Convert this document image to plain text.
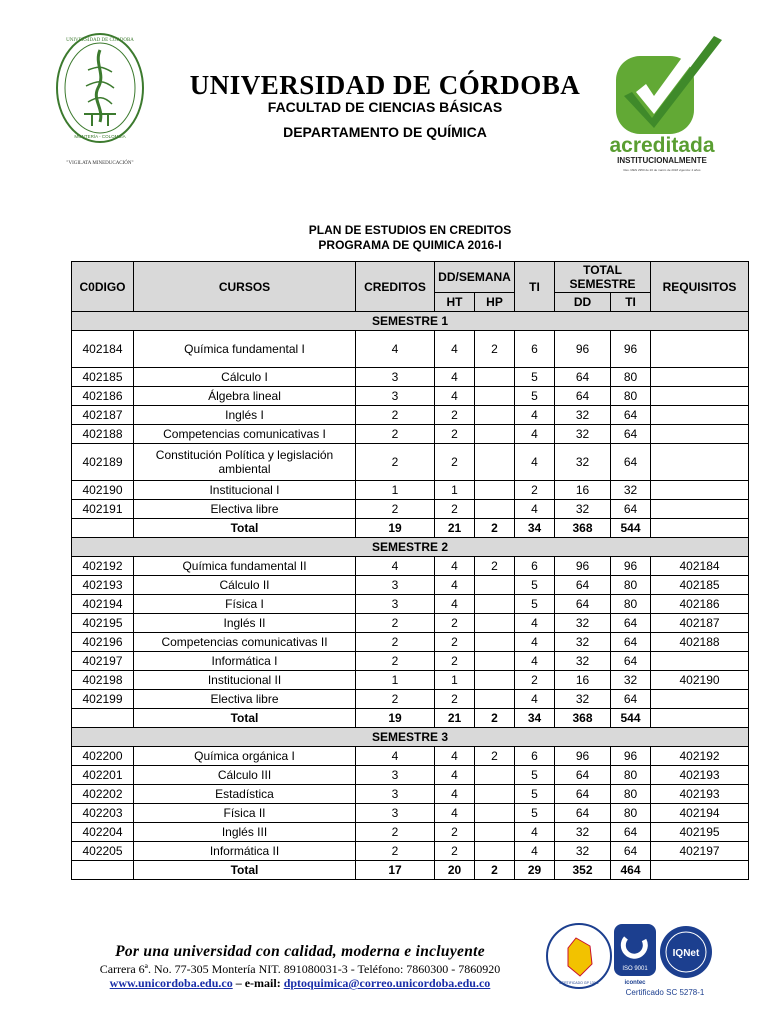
UNIVERSIDAD DE CÓRDOBA
MONTERÍA - COLOMBIA
"VIGILATA MINEDUCACIÓN"
UNIVERSIDAD DE CÓRDOBA
FACULTAD DE CIENCIAS BÁSICAS
DEPARTAMENTO DE QUÍMICA
acreditada
INSTITUCIONALMENTE
Res. MEN 2950 de 20 de marzo de 2018 vigencia: 4 años
PLAN DE ESTUDIOS EN CREDITOS
PROGRAMA DE QUIMICA 2016-I
C0DIGO	CURSOS	CREDITOS	DD/SEMANA		TI	TOTAL SEMESTRE		REQUISITOS
			HT	HP		DD	TI	
SEMESTRE 1								
402184	Química fundamental I	4	4	2	6	96	96	
402185	Cálculo I	3	4		5	64	80	
402186	Álgebra lineal	3	4		5	64	80	
402187	Inglés I	2	2		4	32	64	
402188	Competencias comunicativas I	2	2		4	32	64	
402189	Constitución Política y legislación ambiental	2	2		4	32	64	
402190	Institucional I	1	1		2	16	32	
402191	Electiva libre	2	2		4	32	64	
	Total	19	21	2	34	368	544	
SEMESTRE 2								
402192	Química fundamental II	4	4	2	6	96	96	402184
402193	Cálculo II	3	4		5	64	80	402185
402194	Física I	3	4		5	64	80	402186
402195	Inglés II	2	2		4	32	64	402187
402196	Competencias comunicativas II	2	2		4	32	64	402188
402197	Informática I	2	2		4	32	64	
402198	Institucional II	1	1		2	16	32	402190
402199	Electiva libre	2	2		4	32	64	
	Total	19	21	2	34	368	544	
SEMESTRE 3								
402200	Química orgánica I	4	4	2	6	96	96	402192
402201	Cálculo III	3	4		5	64	80	402193
402202	Estadística	3	4		5	64	80	402193
402203	Física II	3	4		5	64	80	402194
402204	Inglés III	2	2		4	32	64	402195
402205	Informática II	2	2		4	32	64	402197
	Total	17	20	2	29	352	464	
Por una universidad con calidad, moderna e incluyente
Carrera 6ª. No. 77-305 Montería NIT. 891080031-3 - Teléfono: 7860300 - 7860920
www.unicordoba.edu.co – e-mail: dptoquimica@correo.unicordoba.edu.co	CERTIFICADO GP 130-1
ISO 9001
icontec
IQNet
Certificado SC 5278-1
